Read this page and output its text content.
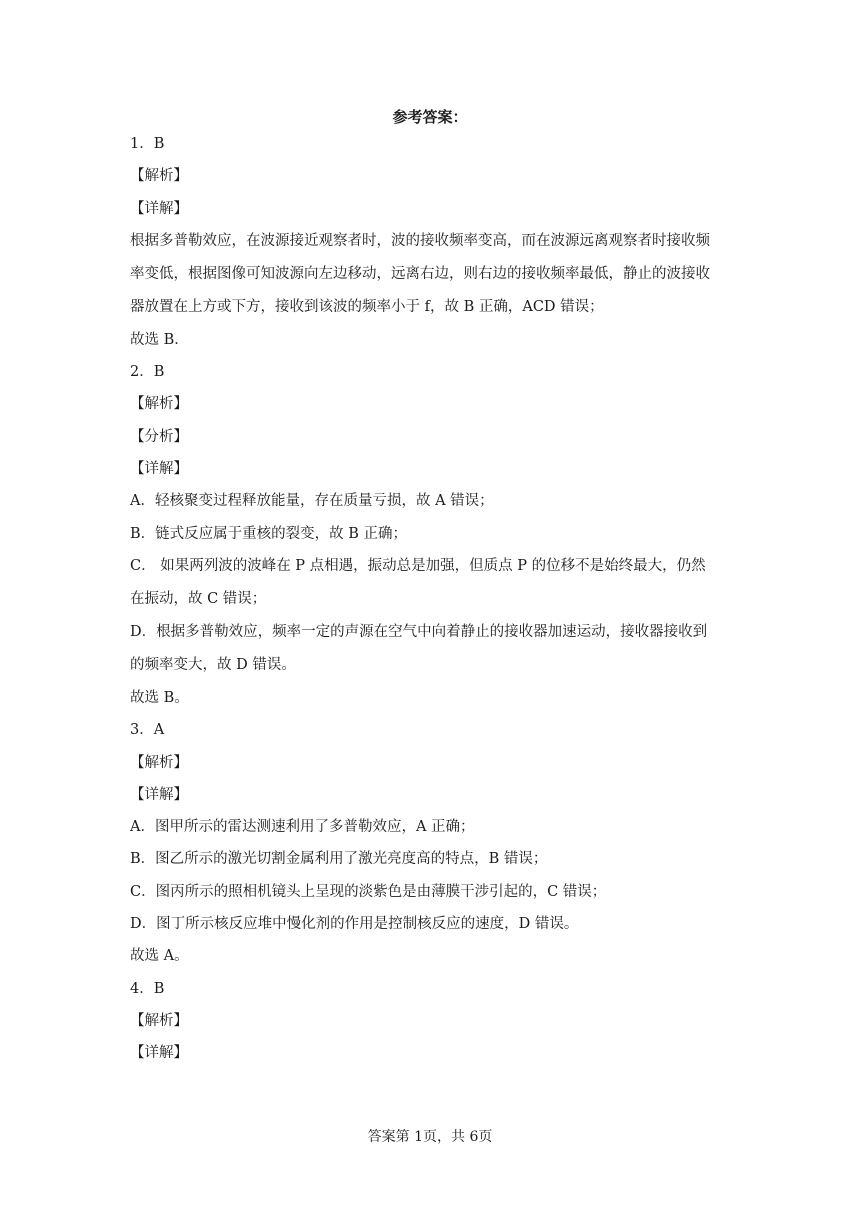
参考答案：
1．B
【解析】
【详解】
根据多普勒效应，在波源接近观察者时，波的接收频率变高，而在波源远离观察者时接收频
率变低，根据图像可知波源向左边移动，远离右边，则右边的接收频率最低，静止的波接收
器放置在上方或下方，接收到该波的频率小于 f，故 B 正确，ACD 错误；
故选 B．
2．B
【解析】
【分析】
【详解】
A．轻核聚变过程释放能量，存在质量亏损，故 A 错误；
B．链式反应属于重核的裂变，故 B 正确；
C． 如果两列波的波峰在 P 点相遇，振动总是加强，但质点 P 的位移不是始终最大，仍然
在振动，故 C 错误；
D．根据多普勒效应，频率一定的声源在空气中向着静止的接收器加速运动，接收器接收到
的频率变大，故 D 错误。
故选 B。
3．A
【解析】
【详解】
A．图甲所示的雷达测速利用了多普勒效应，A 正确；
B．图乙所示的激光切割金属利用了激光亮度高的特点，B 错误；
C．图丙所示的照相机镜头上呈现的淡紫色是由薄膜干涉引起的，C 错误；
D．图丁所示核反应堆中慢化剂的作用是控制核反应的速度，D 错误。
故选 A。
4．B
【解析】
【详解】
答案第 1页，共 6页
